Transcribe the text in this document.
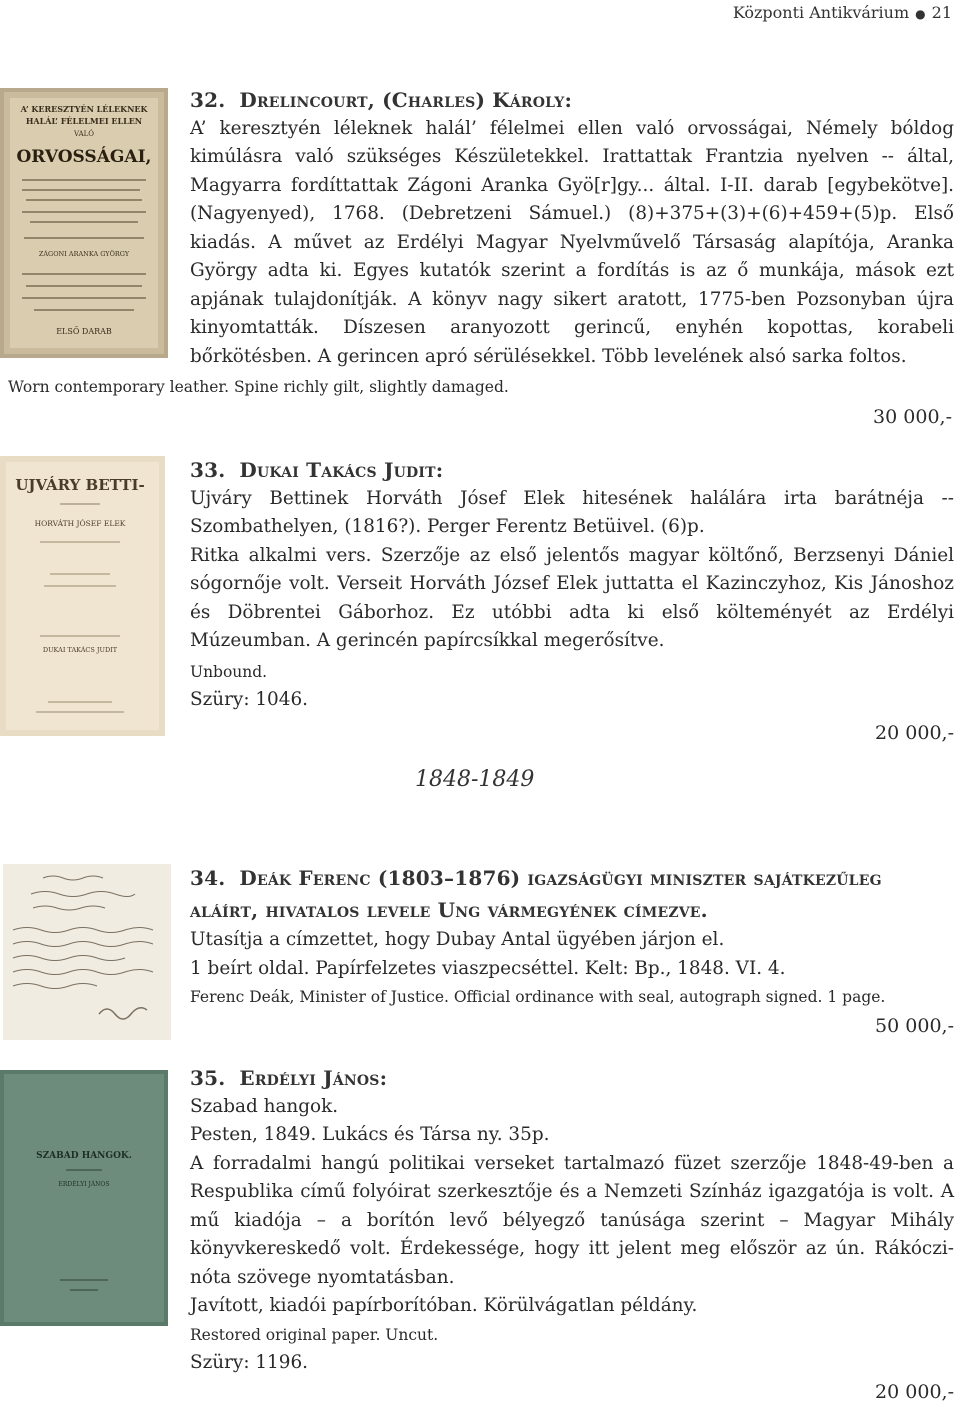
Központi Antikvárium ● 21
A’ KERESZTYÉN LÉLEKNEK
HALÁL’ FÉLELMEI ELLEN
VALÓ
ORVOSSÁGAI,
ZÁGONI ARANKA GYÖRGY
ELSŐ DARAB
32. Drelincourt, (Charles) Károly:

A’ keresztyén léleknek halál’ félelmei ellen való orvosságai, Némely bóldog kimúlásra való szükséges Készületekkel. Irattattak Frantzia nyelven -- által, Magyarra fordíttattak Zágoni Aranka Gyö[r]gy... által. I-II. darab [egybekötve]. (Nagyenyed), 1768. (Debretzeni Sámuel.) (8)+375+(3)+(6)+459+(5)p. Első kiadás. A művet az Erdélyi Magyar Nyelvművelő Társaság alapítója, Aranka György adta ki. Egyes kutatók szerint a fordítás is az ő munkája, mások ezt apjának tulajdonítják. A könyv nagy sikert aratott, 1775-ben Pozsonyban újra kinyomtatták. Díszesen aranyozott gerincű, enyhén kopottas, korabeli bőrkötésben. A gerincen apró sérülésekkel. Több levelének alsó sarka foltos.

Worn contemporary leather. Spine richly gilt, slightly damaged.
30 000,-
UJVÁRY BETTI-
HORVÁTH JÓSEF ELEK
DUKAI TAKÁCS JUDIT
33. Dukai Takács Judit:

Ujváry Bettinek Horváth Jósef Elek hitesének halálára irta barátnéja -- Szombathelyen, (1816?). Perger Ferentz Betüivel. (6)p.

Ritka alkalmi vers. Szerzője az első jelentős magyar költőnő, Berzsenyi Dániel sógornője volt. Verseit Horváth József Elek juttatta el Kazinczyhoz, Kis Jánoshoz és Döbrentei Gáborhoz. Ez utóbbi adta ki első költeményét az Erdélyi Múzeumban. A gerincén papírcsíkkal megerősítve.

Unbound.

Szüry: 1046.

20 000,-
1848-1849
34. Deák Ferenc (1803–1876) igazságügyi miniszter sajátkezűleg aláírt, hivatalos levele Ung vármegyének címezve.

Utasítja a címzettet, hogy Dubay Antal ügyében járjon el.

1 beírt oldal. Papírfelzetes viaszpecséttel. Kelt: Bp., 1848. VI. 4.

Ferenc Deák, Minister of Justice. Official ordinance with seal, autograph signed. 1 page.

50 000,-
SZABAD HANGOK.
ERDÉLYI JÁNOS
35. Erdélyi János:

Szabad hangok.

Pesten, 1849. Lukács és Társa ny. 35p.

A forradalmi hangú politikai verseket tartalmazó füzet szerzője 1848-49-ben a Respublika című folyóirat szerkesztője és a Nemzeti Színház igazgatója is volt. A mű kiadója – a borítón levő bélyegző tanúsága szerint – Magyar Mihály könyvkereskedő volt. Érdekessége, hogy itt jelent meg először az ún. Rákóczi-nóta szövege nyomtatásban.

Javított, kiadói papírborítóban. Körülvágatlan példány.

Restored original paper. Uncut.

Szüry: 1196.

20 000,-
